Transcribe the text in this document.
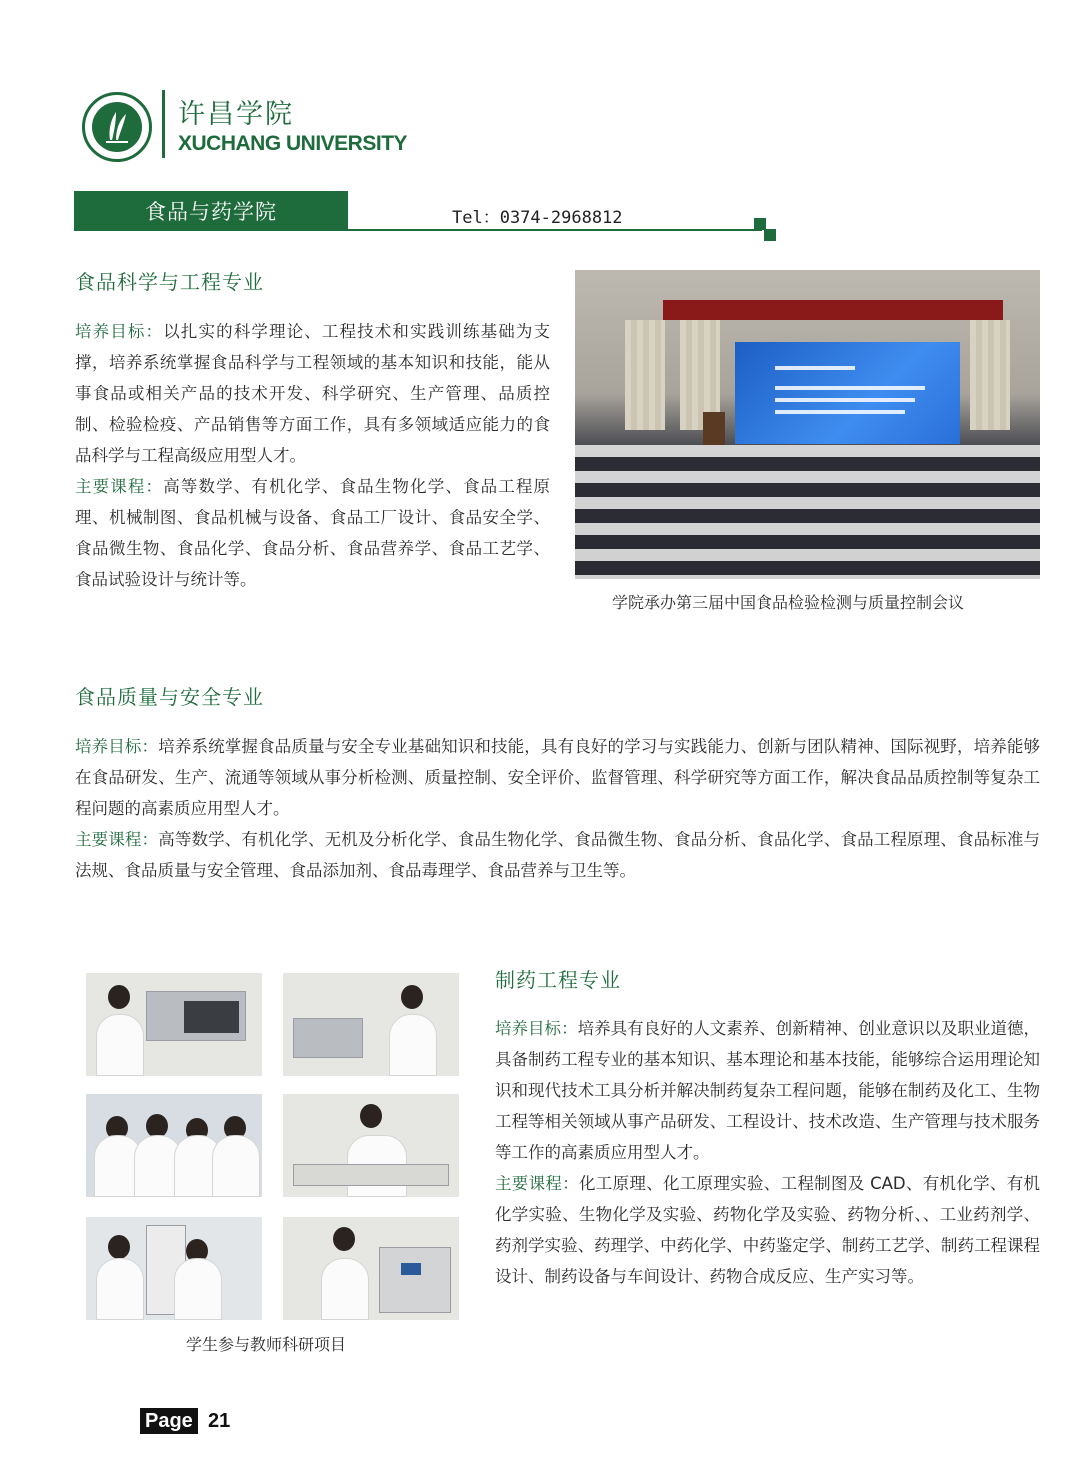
许昌学院
XUCHANG UNIVERSITY
食品与药学院	Tel：0374-2968812
食品科学与工程专业
培养目标：以扎实的科学理论、工程技术和实践训练基础为支撑，培养系统掌握食品科学与工程领域的基本知识和技能，能从事食品或相关产品的技术开发、科学研究、生产管理、品质控制、检验检疫、产品销售等方面工作，具有多领域适应能力的食品科学与工程高级应用型人才。
主要课程：高等数学、有机化学、食品生物化学、食品工程原理、机械制图、食品机械与设备、食品工厂设计、食品安全学、食品微生物、食品化学、食品分析、食品营养学、食品工艺学、食品试验设计与统计等。
学院承办第三届中国食品检验检测与质量控制会议
食品质量与安全专业
培养目标：培养系统掌握食品质量与安全专业基础知识和技能，具有良好的学习与实践能力、创新与团队精神、国际视野，培养能够在食品研发、生产、流通等领域从事分析检测、质量控制、安全评价、监督管理、科学研究等方面工作，解决食品品质控制等复杂工程问题的高素质应用型人才。
主要课程：高等数学、有机化学、无机及分析化学、食品生物化学、食品微生物、食品分析、食品化学、食品工程原理、食品标准与法规、食品质量与安全管理、食品添加剂、食品毒理学、食品营养与卫生等。
学生参与教师科研项目
制药工程专业
培养目标：培养具有良好的人文素养、创新精神、创业意识以及职业道德，具备制药工程专业的基本知识、基本理论和基本技能，能够综合运用理论知识和现代技术工具分析并解决制药复杂工程问题，能够在制药及化工、生物工程等相关领域从事产品研发、工程设计、技术改造、生产管理与技术服务等工作的高素质应用型人才。
主要课程：化工原理、化工原理实验、工程制图及 CAD、有机化学、有机化学实验、生物化学及实验、药物化学及实验、药物分析、、工业药剂学、药剂学实验、药理学、中药化学、中药鉴定学、制药工艺学、制药工程课程设计、制药设备与车间设计、药物合成反应、生产实习等。
Page 21
